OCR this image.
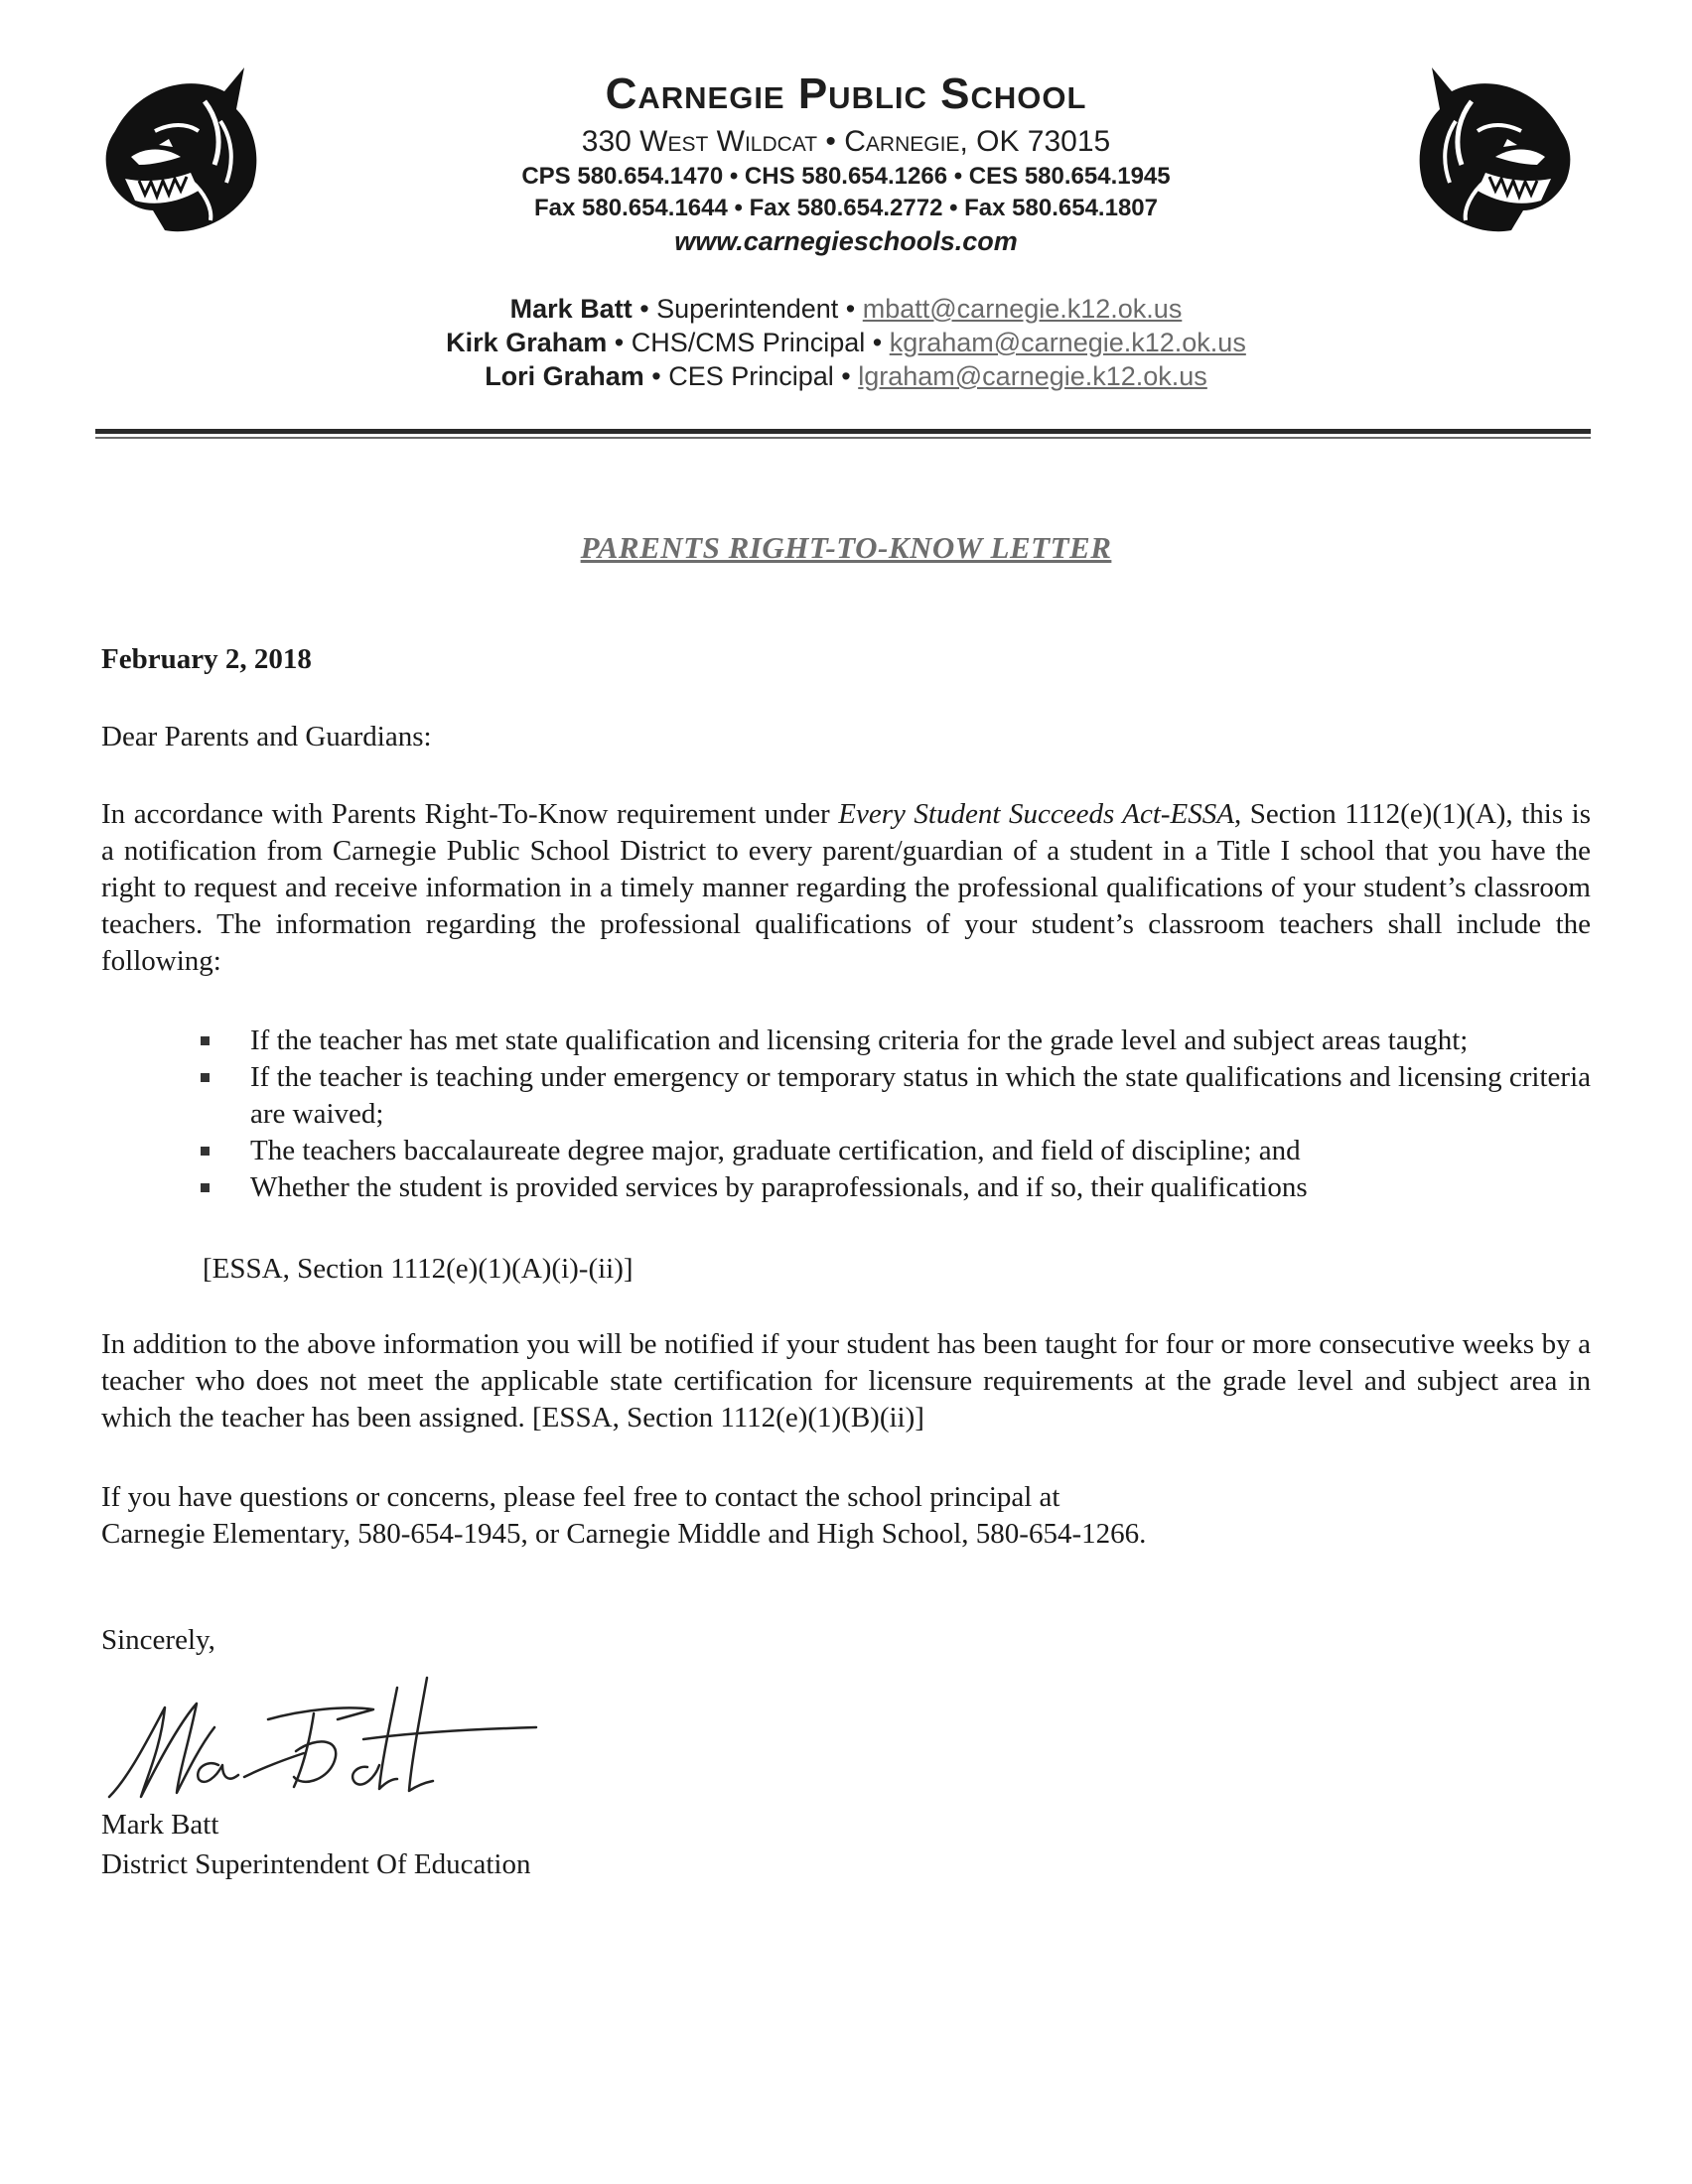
Carnegie Public School
330 West Wildcat • Carnegie, OK 73015
CPS 580.654.1470 • CHS 580.654.1266 • CES 580.654.1945
Fax 580.654.1644 • Fax 580.654.2772 • Fax 580.654.1807
www.carnegieschools.com
Mark Batt • Superintendent • mbatt@carnegie.k12.ok.us
Kirk Graham • CHS/CMS Principal • kgraham@carnegie.k12.ok.us
Lori Graham • CES Principal • lgraham@carnegie.k12.ok.us
PARENTS RIGHT-TO-KNOW LETTER
February 2, 2018
Dear Parents and Guardians:
In accordance with Parents Right-To-Know requirement under Every Student Succeeds Act-ESSA, Section 1112(e)(1)(A), this is a notification from Carnegie Public School District to every parent/guardian of a student in a Title I school that you have the right to request and receive information in a timely manner regarding the professional qualifications of your student’s classroom teachers. The information regarding the professional qualifications of your student’s classroom teachers shall include the following:
If the teacher has met state qualification and licensing criteria for the grade level and subject areas taught;
If the teacher is teaching under emergency or temporary status in which the state qualifications and licensing criteria are waived;
The teachers baccalaureate degree major, graduate certification, and field of discipline; and
Whether the student is provided services by paraprofessionals, and if so, their qualifications
[ESSA, Section 1112(e)(1)(A)(i)-(ii)]
In addition to the above information you will be notified if your student has been taught for four or more consecutive weeks by a teacher who does not meet the applicable state certification for licensure requirements at the grade level and subject area in which the teacher has been assigned. [ESSA, Section 1112(e)(1)(B)(ii)]
If you have questions or concerns, please feel free to contact the school principal at
Carnegie Elementary, 580-654-1945, or Carnegie Middle and High School, 580-654-1266.
Sincerely,
Mark Batt
District Superintendent Of Education
